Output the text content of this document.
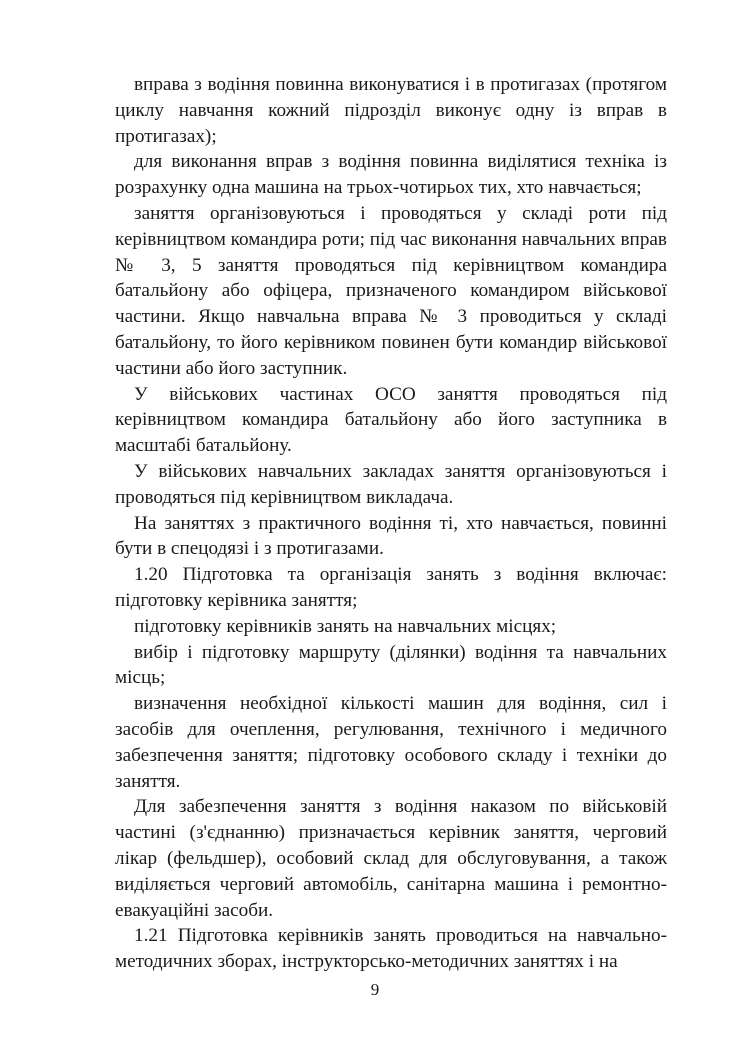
вправа з водіння повинна виконуватися і в протигазах (протягом циклу навчання кожний підрозділ виконує одну із вправ в протигазах);

для виконання вправ з водіння повинна виділятися техніка із розрахунку одна машина на трьох-чотирьох тих, хто навчається;

заняття організовуються і проводяться у складі роти під керівництвом командира роти; під час виконання навчальних вправ № 3, 5 заняття проводяться під керівництвом командира батальйону або офіцера, призначеного командиром військової частини. Якщо навчальна вправа № 3 проводиться у складі батальйону, то його керівником повинен бути командир військової частини або його заступник.

У військових частинах ОСО заняття проводяться під керівництвом командира батальйону або його заступника в масштабі батальйону.

У військових навчальних закладах заняття організовуються і проводяться під керівництвом викладача.

На заняттях з практичного водіння ті, хто навчається, повинні бути в спецодязі і з протигазами.

1.20 Підготовка та організація занять з водіння включає: підготовку керівника заняття;

підготовку керівників занять на навчальних місцях;

вибір і підготовку маршруту (ділянки) водіння та навчальних місць;

визначення необхідної кількості машин для водіння, сил і засобів для очеплення, регулювання, технічного і медичного забезпечення заняття; підготовку особового складу і техніки до заняття.

Для забезпечення заняття з водіння наказом по військовій частині (з'єднанню) призначається керівник заняття, черговий лікар (фельдшер), особовий склад для обслуговування, а також виділяється черговий автомобіль, санітарна машина і ремонтно-евакуаційні засоби.

1.21 Підготовка керівників занять проводиться на навчально-методичних зборах, інструкторсько-методичних заняттях і на

9
